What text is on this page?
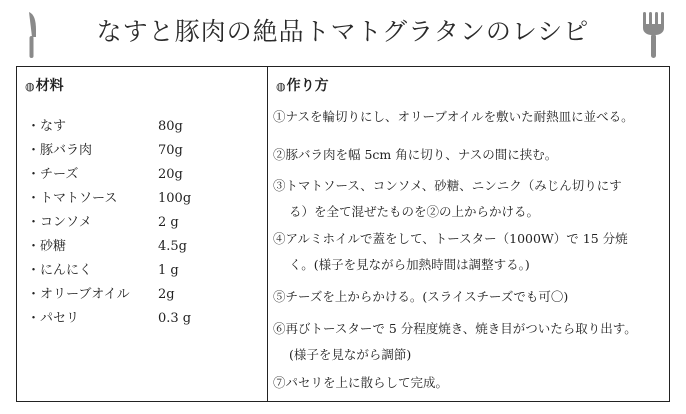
なすと豚肉の絶品トマトグラタンのレシピ
◍材料
・なす	80g
・豚バラ肉	70g
・チーズ	20g
・トマトソース	100g
・コンソメ	2 g
・砂糖	4.5g
・にんにく	1 g
・オリーブオイル 2g
・パセリ	0.3 g
◍作り方
①ナスを輪切りにし、オリーブオイルを敷いた耐熱皿に並べる。
②豚バラ肉を幅 5cm 角に切り、ナスの間に挟む。
③トマトソース、コンソメ、砂糖、ニンニク（みじん切りにす
る）を全て混ぜたものを②の上からかける。
④アルミホイルで蓋をして、トースター（1000W）で 15 分焼
く。(様子を見ながら加熱時間は調整する。)
⑤チーズを上からかける。(スライスチーズでも可〇)
⑥再びトースターで 5 分程度焼き、焼き目がついたら取り出す。
(様子を見ながら調節)
⑦パセリを上に散らして完成。
